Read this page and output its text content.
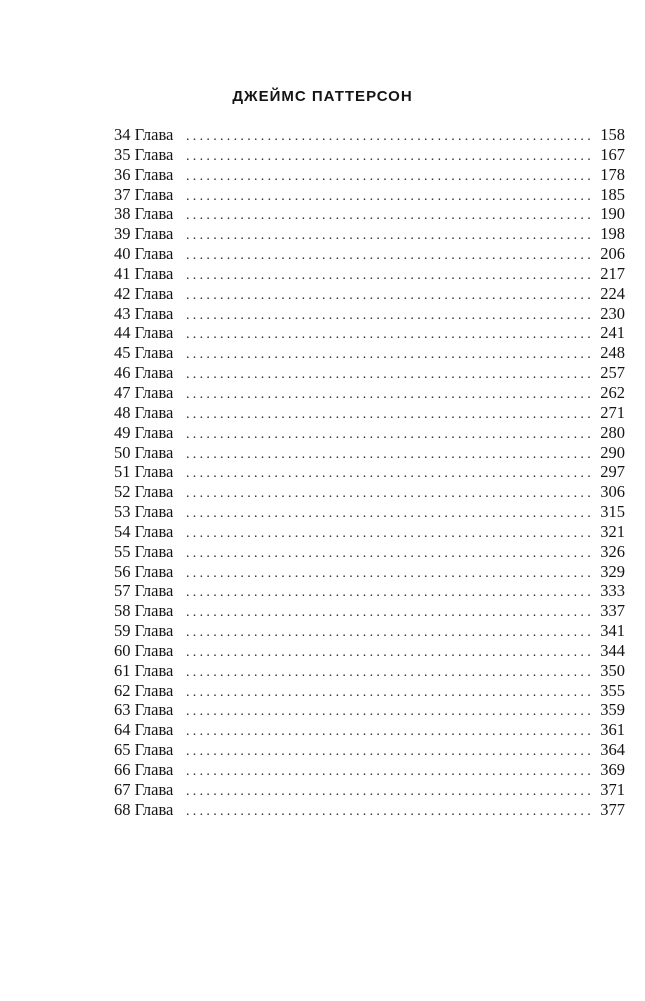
ДЖЕЙМС ПАТТЕРСОН
34 Глава ............................................................ 158
35 Глава ............................................................ 167
36 Глава ............................................................ 178
37 Глава ............................................................ 185
38 Глава ............................................................ 190
39 Глава ............................................................ 198
40 Глава ............................................................ 206
41 Глава ............................................................ 217
42 Глава ............................................................ 224
43 Глава ............................................................ 230
44 Глава ............................................................ 241
45 Глава ............................................................ 248
46 Глава ............................................................ 257
47 Глава ............................................................ 262
48 Глава ............................................................ 271
49 Глава ............................................................ 280
50 Глава ............................................................ 290
51 Глава ............................................................ 297
52 Глава ............................................................ 306
53 Глава ............................................................ 315
54 Глава ............................................................ 321
55 Глава ............................................................ 326
56 Глава ............................................................ 329
57 Глава ............................................................ 333
58 Глава ............................................................ 337
59 Глава ............................................................ 341
60 Глава ............................................................ 344
61 Глава ............................................................ 350
62 Глава ............................................................ 355
63 Глава ............................................................ 359
64 Глава ............................................................ 361
65 Глава ............................................................ 364
66 Глава ............................................................ 369
67 Глава ............................................................ 371
68 Глава ............................................................ 377
